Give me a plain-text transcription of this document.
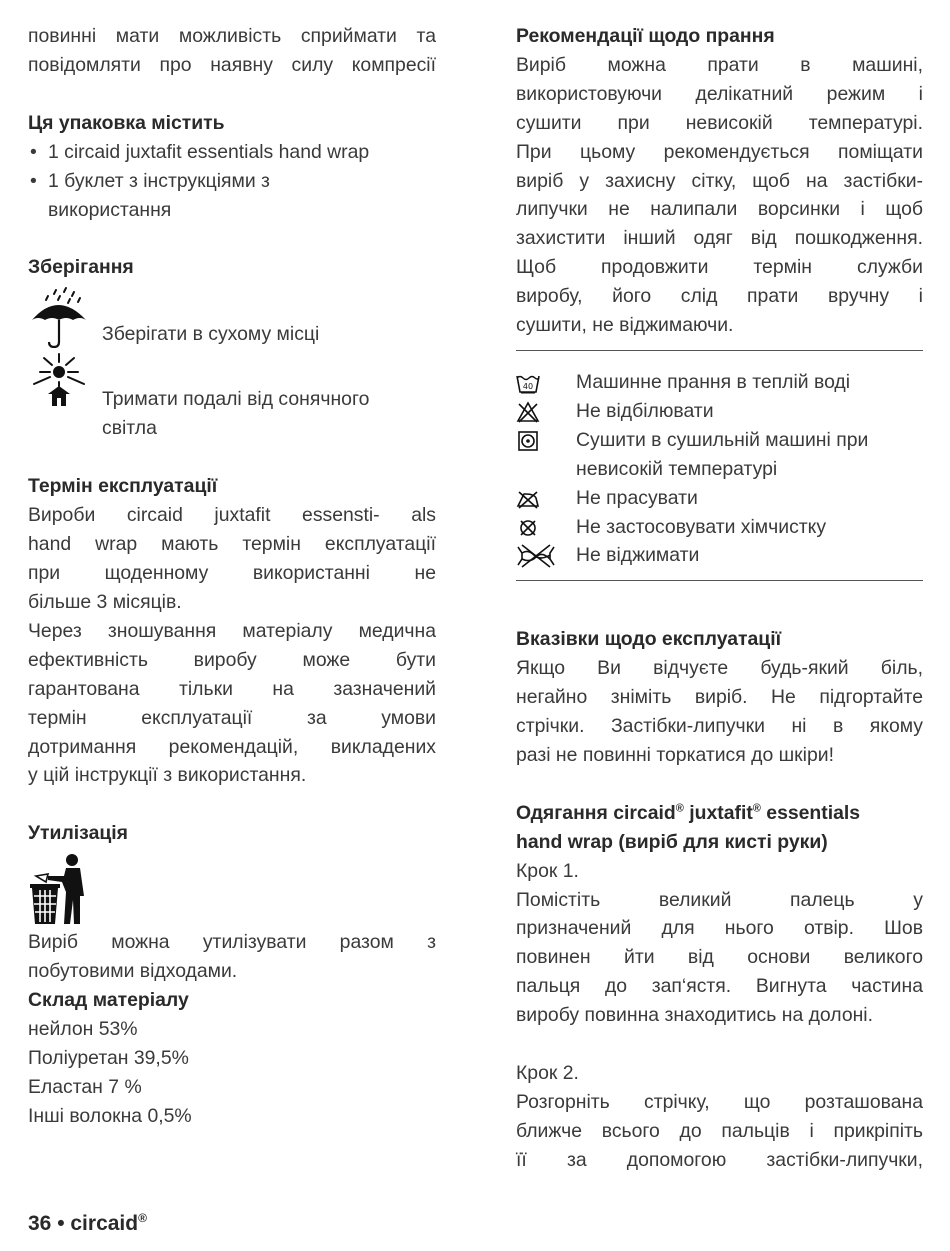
повинні мати можливість сприймати та

повідомляти про наявну силу компресії

Ця упаковка містить

• 1 circaid juxtafit essentials hand wrap
• 1 буклет з інструкціями з

використання

Зберігання

Зберігати в сухому місці
Тримати подалі від сонячного
світла

Термін експлуатації

Вироби circaid juxtafit essensti- als

hand wrap мають термін експлуатації

при щоденному використанні не

більше 3 місяців.

Через зношування матеріалу медична

ефективність виробу може бути

гарантована тільки на зазначений

термін експлуатації за умови

дотримання рекомендацій, викладених

у цій інструкції з використання.

Утилізація

Виріб можна утилізувати разом з

побутовими відходами.

Склад матеріалу

нейлон 53%

Поліуретан 39,5%

Еластан 7 %

Інші волокна 0,5%

Рекомендації щодо прання

Виріб можна прати в машині,

використовуючи делікатний режим і

сушити при невисокій температурі.

При цьому рекомендується поміщати

виріб у захисну сітку, щоб на застібки-

липучки не налипали ворсинки і щоб

захистити інший одяг від пошкодження.

Щоб продовжити термін служби

виробу, його слід прати вручну і

сушити, не віджимаючи.

40 Машинне прання в теплій воді
Не відбілювати
Сушити в сушильній машині при
невисокій температурі
Не прасувати
Не застосовувати хімчистку
Не віджимати

Вказівки щодо експлуатації

Якщо Ви відчуєте будь-який біль,

негайно зніміть виріб. Не підгортайте

стрічки. Застібки-липучки ні в якому

разі не повинні торкатися до шкіри!

Одягання circaid® juxtafit® essentials

hand wrap (виріб для кисті руки)

Крок 1.

Помістіть великий палець у

призначений для нього отвір. Шов

повинен йти від основи великого

пальця до зап‘ястя. Вигнута частина

виробу повинна знаходитись на долоні.

Крок 2.

Розгорніть стрічку, що розташована

ближче всього до пальців і прикріпіть

її за допомогою застібки-липучки,

36 • circaid®
